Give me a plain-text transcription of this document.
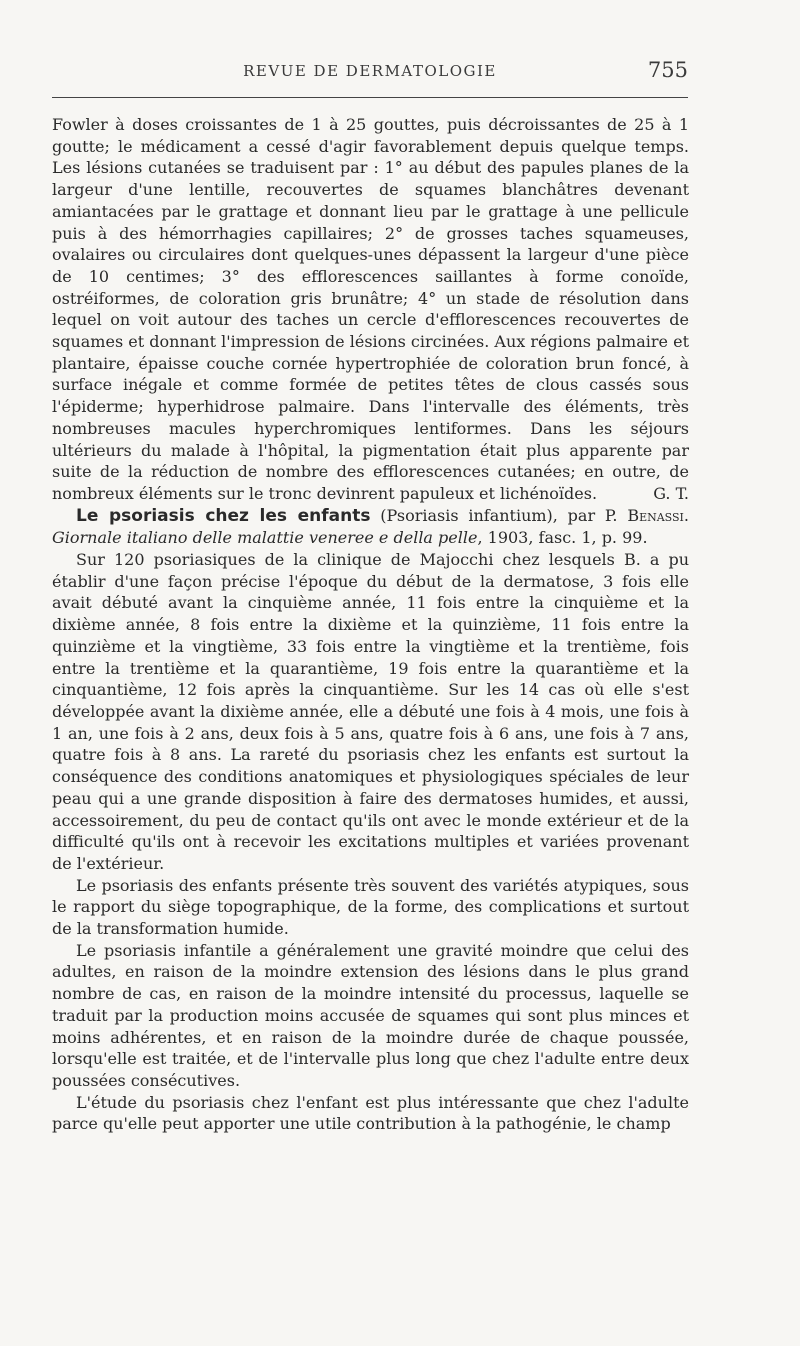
REVUE DE DERMATOLOGIE	755

Fowler à doses croissantes de 1 à 25 gouttes, puis décroissantes de 25 à 1 goutte; le médicament a cessé d'agir favorablement depuis quelque temps. Les lésions cutanées se traduisent par : 1° au début des papules planes de la largeur d'une lentille, recouvertes de squames blanchâtres devenant amiantacées par le grattage et donnant lieu par le grattage à une pellicule puis à des hémorrhagies capillaires; 2° de grosses taches squameuses, ovalaires ou circulaires dont quelques-unes dépassent la largeur d'une pièce de 10 centimes; 3° des efflorescences saillantes à forme conoïde, ostréiformes, de coloration gris brunâtre; 4° un stade de résolution dans lequel on voit autour des taches un cercle d'efflorescences recouvertes de squames et donnant l'impression de lésions circinées. Aux régions palmaire et plantaire, épaisse couche cornée hypertrophiée de coloration brun foncé, à surface inégale et comme formée de petites têtes de clous cassés sous l'épiderme; hyperhidrose palmaire. Dans l'intervalle des éléments, très nombreuses macules hyperchromiques lentiformes. Dans les séjours ultérieurs du malade à l'hôpital, la pigmentation était plus apparente par suite de la réduction de nombre des efflorescences cutanées; en outre, de nombreux éléments sur le tronc devinrent papuleux et lichénoïdes.	G. T.

Le psoriasis chez les enfants (Psoriasis infantium), par P. Benassi. Giornale italiano delle malattie veneree e della pelle, 1903, fasc. 1, p. 99.

Sur 120 psoriasiques de la clinique de Majocchi chez lesquels B. a pu établir d'une façon précise l'époque du début de la dermatose, 3 fois elle avait débuté avant la cinquième année, 11 fois entre la cinquième et la dixième année, 8 fois entre la dixième et la quinzième, 11 fois entre la quinzième et la vingtième, 33 fois entre la vingtième et la trentième, fois entre la trentième et la quarantième, 19 fois entre la quarantième et la cinquantième, 12 fois après la cinquantième. Sur les 14 cas où elle s'est développée avant la dixième année, elle a débuté une fois à 4 mois, une fois à 1 an, une fois à 2 ans, deux fois à 5 ans, quatre fois à 6 ans, une fois à 7 ans, quatre fois à 8 ans. La rareté du psoriasis chez les enfants est surtout la conséquence des conditions anatomiques et physiologiques spéciales de leur peau qui a une grande disposition à faire des dermatoses humides, et aussi, accessoirement, du peu de contact qu'ils ont avec le monde extérieur et de la difficulté qu'ils ont à recevoir les excitations multiples et variées provenant de l'extérieur.

Le psoriasis des enfants présente très souvent des variétés atypiques, sous le rapport du siège topographique, de la forme, des complications et surtout de la transformation humide.

Le psoriasis infantile a généralement une gravité moindre que celui des adultes, en raison de la moindre extension des lésions dans le plus grand nombre de cas, en raison de la moindre intensité du processus, laquelle se traduit par la production moins accusée de squames qui sont plus minces et moins adhérentes, et en raison de la moindre durée de chaque poussée, lorsqu'elle est traitée, et de l'intervalle plus long que chez l'adulte entre deux poussées consécutives.

L'étude du psoriasis chez l'enfant est plus intéressante que chez l'adulte parce qu'elle peut apporter une utile contribution à la pathogénie, le champ
